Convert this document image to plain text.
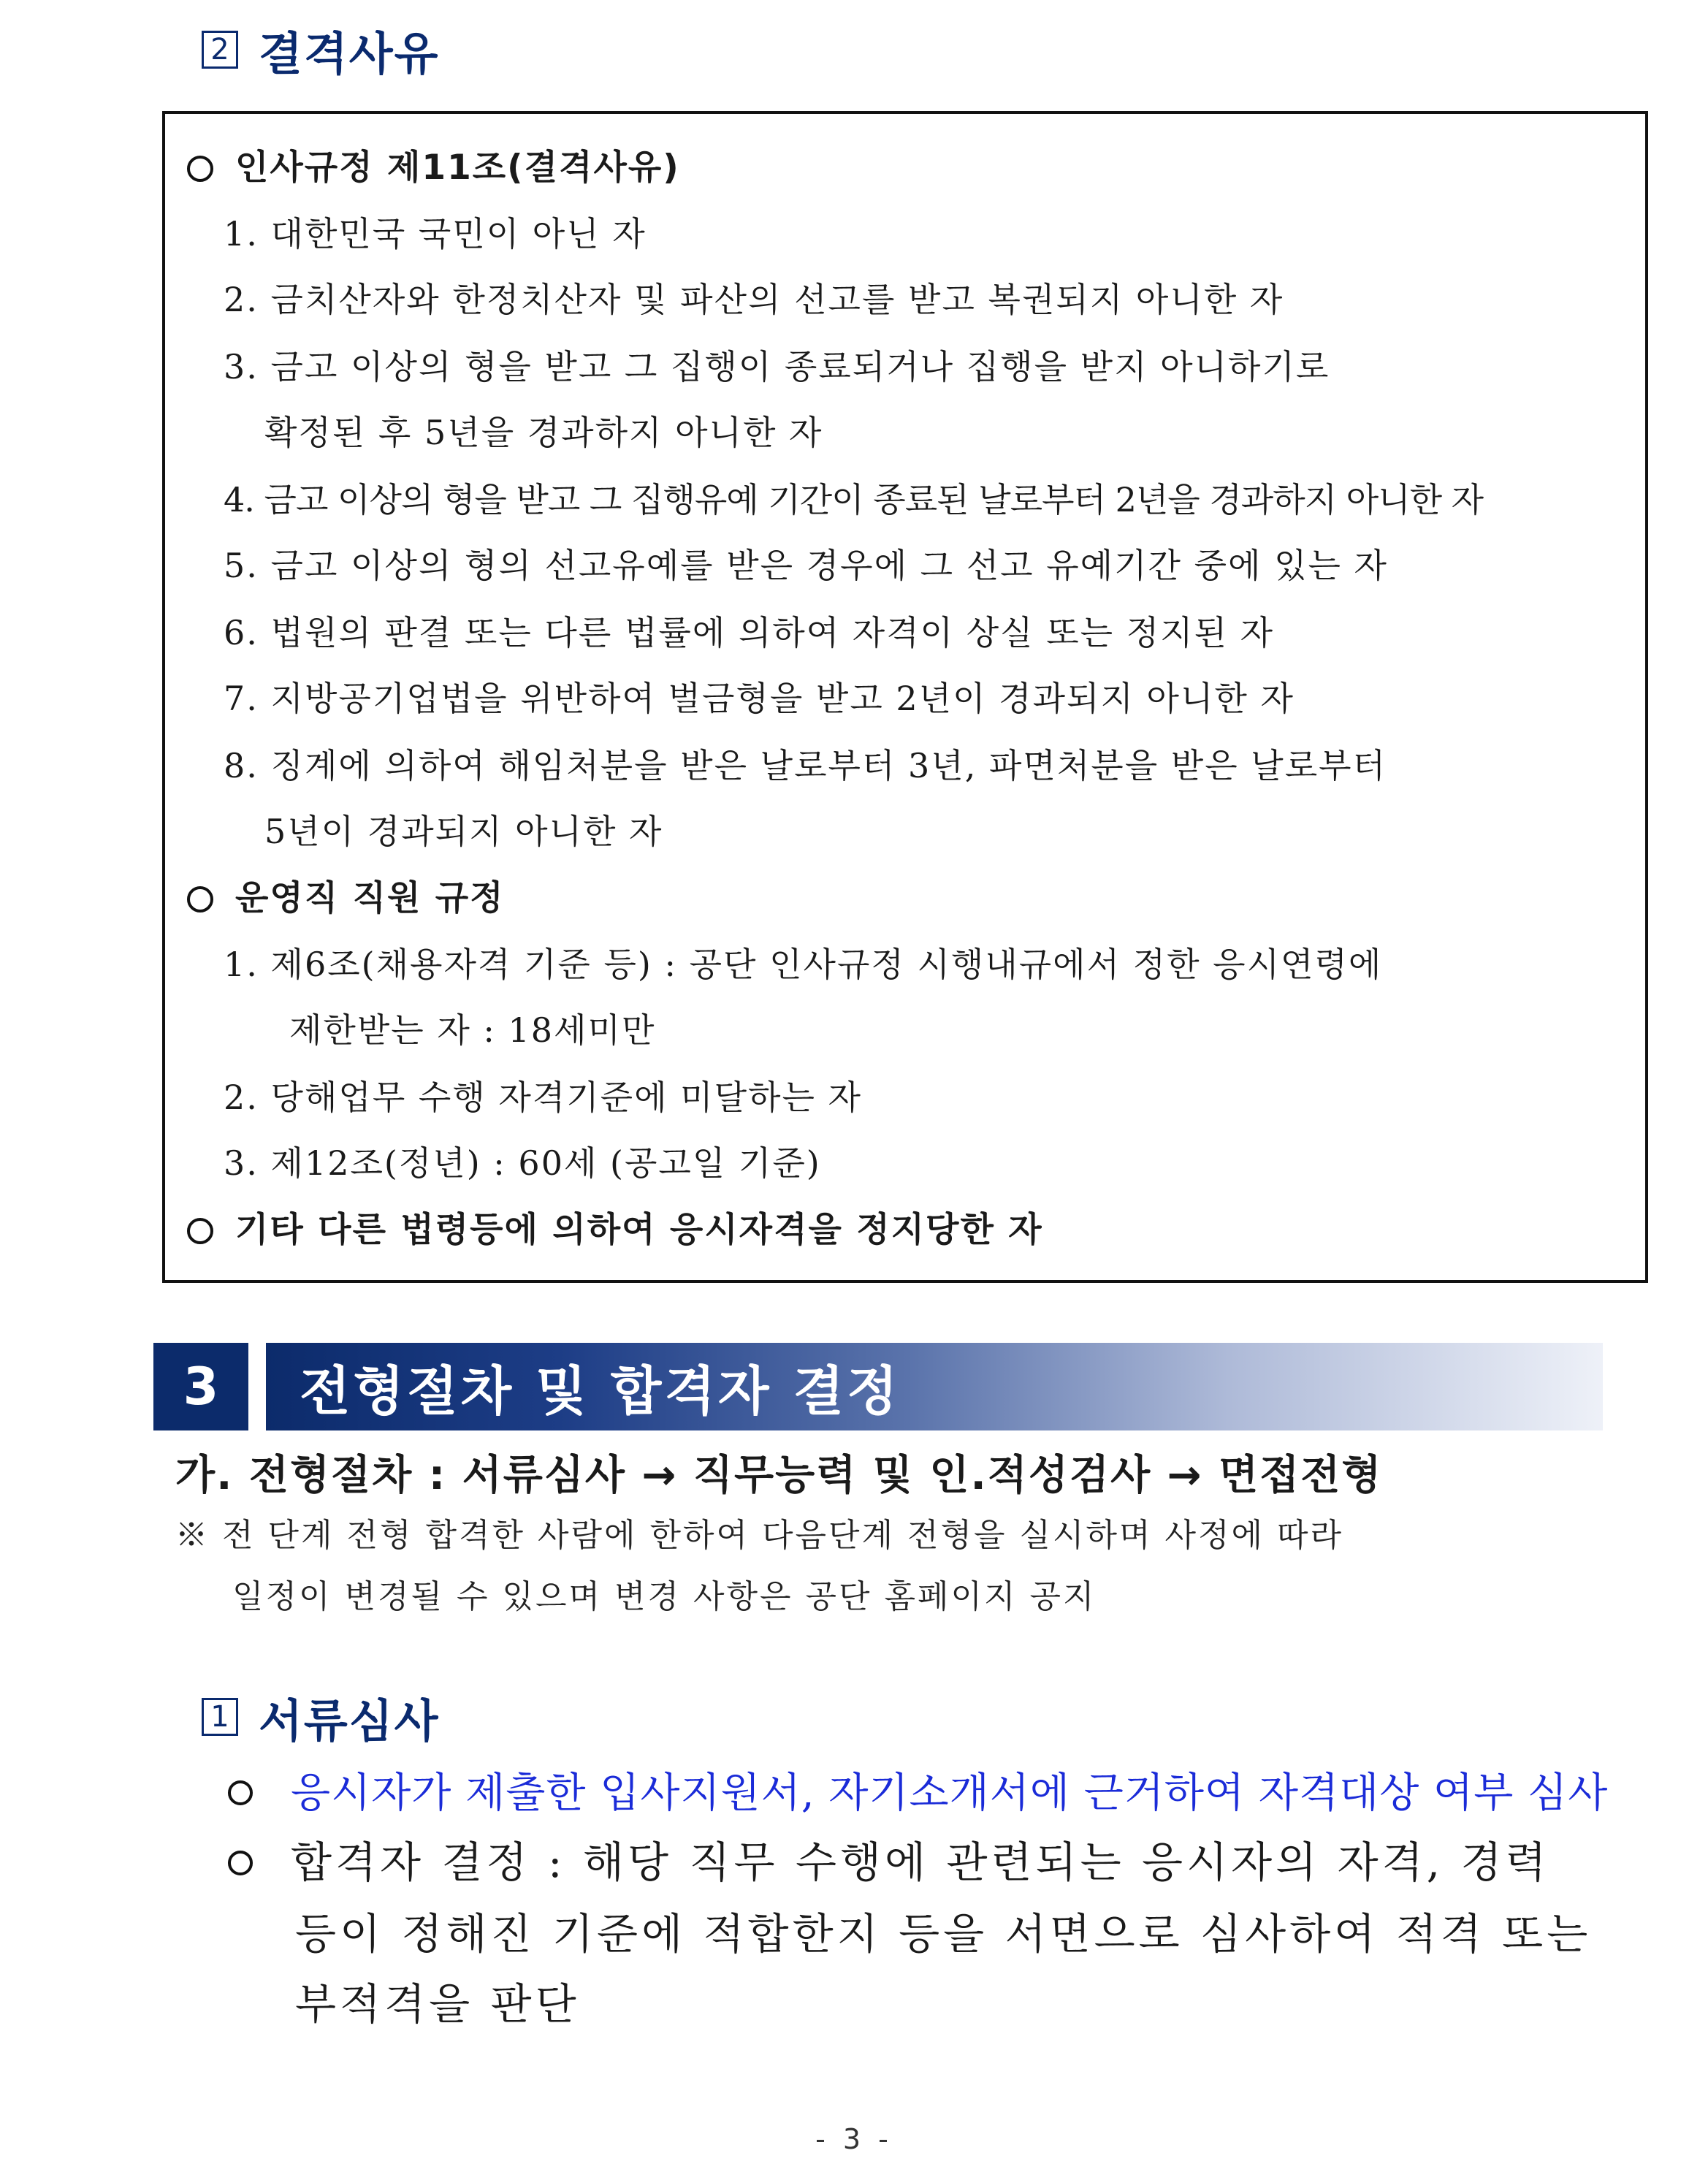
2 결격사유
인사규정 제11조(결격사유)
1. 대한민국 국민이 아닌 자
2. 금치산자와 한정치산자 및 파산의 선고를 받고 복권되지 아니한 자
3. 금고 이상의 형을 받고 그 집행이 종료되거나 집행을 받지 아니하기로
확정된 후 5년을 경과하지 아니한 자
4. 금고 이상의 형을 받고 그 집행유예 기간이 종료된 날로부터 2년을 경과하지 아니한 자
5. 금고 이상의 형의 선고유예를 받은 경우에 그 선고 유예기간 중에 있는 자
6. 법원의 판결 또는 다른 법률에 의하여 자격이 상실 또는 정지된 자
7. 지방공기업법을 위반하여 벌금형을 받고 2년이 경과되지 아니한 자
8. 징계에 의하여 해임처분을 받은 날로부터 3년, 파면처분을 받은 날로부터
5년이 경과되지 아니한 자
운영직 직원 규정
1. 제6조(채용자격 기준 등) : 공단 인사규정 시행내규에서 정한 응시연령에
제한받는 자 : 18세미만
2. 당해업무 수행 자격기준에 미달하는 자
3. 제12조(정년) : 60세 (공고일 기준)
기타 다른 법령등에 의하여 응시자격을 정지당한 자
3	전형절차 및 합격자 결정
가. 전형절차 : 서류심사 → 직무능력 및 인.적성검사 → 면접전형
※ 전 단계 전형 합격한 사람에 한하여 다음단계 전형을 실시하며 사정에 따라
일정이 변경될 수 있으며 변경 사항은 공단 홈페이지 공지
1 서류심사
응시자가 제출한 입사지원서, 자기소개서에 근거하여 자격대상 여부 심사
합격자 결정 : 해당 직무 수행에 관련되는 응시자의 자격, 경력
등이 정해진 기준에 적합한지 등을 서면으로 심사하여 적격 또는
부적격을 판단
- 3 -
